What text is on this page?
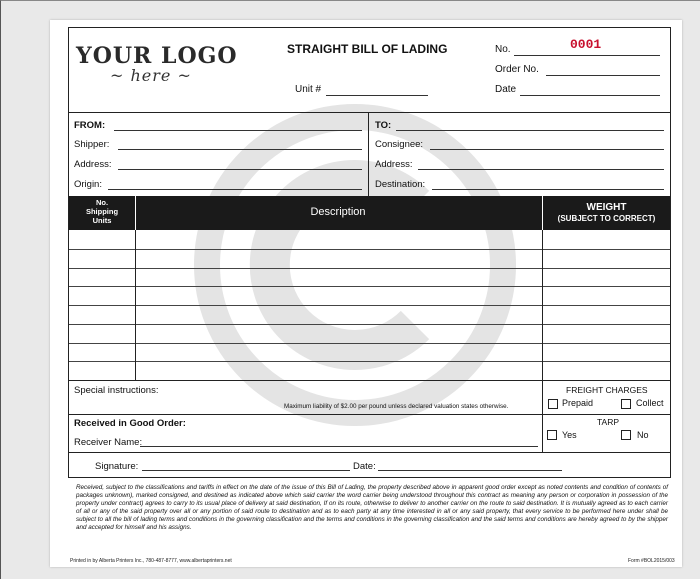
YOUR LOGO
~ here ~
STRAIGHT BILL OF LADING	No.	0001
Order No.
Date
Unit #
FROM:
Shipper:
Address:
Origin:
TO:
Consignee:
Address:
Destination:
No.
Shipping
Units
Description	WEIGHT
(SUBJECT TO CORRECT)
Special instructions:
Maximum liability of $2.00 per pound unless declared valuation states otherwise.
FREIGHT CHARGES
Prepaid	Collect
Received in Good Order:
Receiver Name:
TARP
Yes	No
Signature:	Date:
Received, subject to the classifications and tariffs in effect on the date of the issue of this Bill of Lading, the property described above in apparent good order except as noted contents and condition of contents of packages unknown), marked consigned, and destined as indicated above which said carrier the word carrier being understood throughout this contract as meaning any person or corporation in possession of the property under contract) agrees to carry to its usual place of delivery at said destination, If on its route, otherwise to deliver to another carrier on the route to said destination. It is mutually agreed as to each carrier of all or any of the said property over all or any portion of said route to destination and as to each party at any time interested in all or any said property, that every service to be performed here under shall be subject to all the bill of lading terms and conditions in the governing classification and the terms and conditions in the governing classification and the said terms and conditions are hereby agreed to by the shipper and accepted for himself and his assigns.
Printed in by Alberta Printers Inc., 780-487-8777, www.albertaprinters.net	Form #BOL2015/003
